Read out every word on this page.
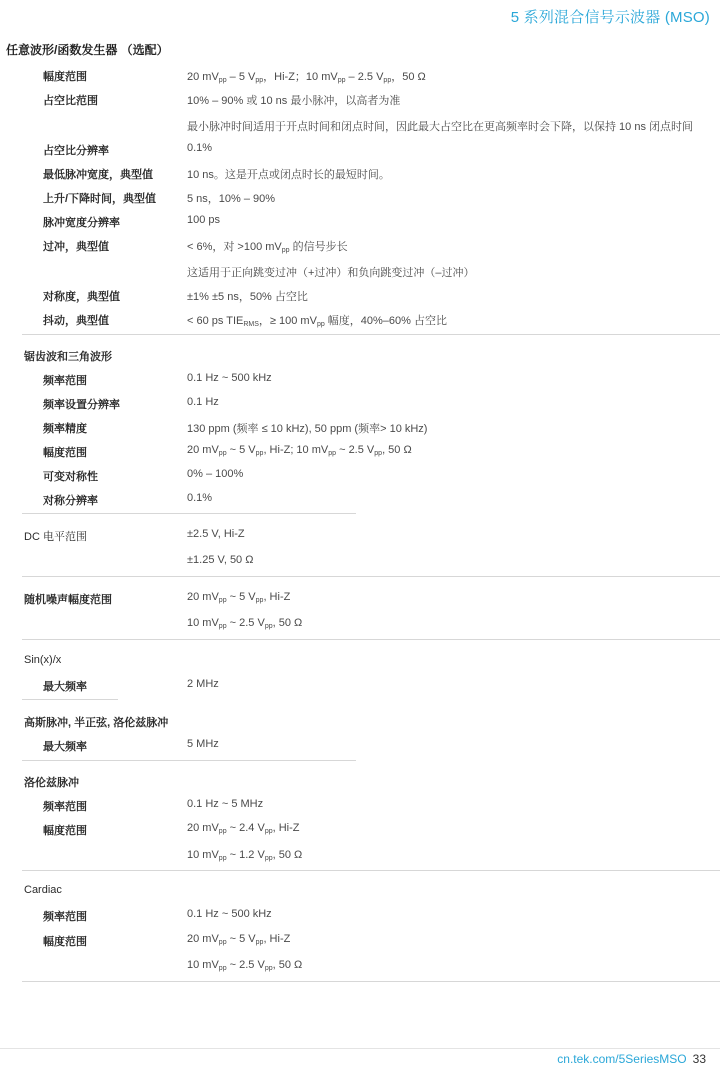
5 系列混合信号示波器 (MSO)
任意波形/函数发生器 （选配）
幅度范围	20 $mV_{pp} - 5$ $V_{pp}$，Hi-Z；10 $mV_{pp} - 2.5$ $V_{pp}$，50 Ω
占空比范围	10% – 90% 或 10 ns 最小脉冲，以高者为准
最小脉冲时间适用于开点时间和闭点时间，因此最大占空比在更高频率时会下降，以保持 10 ns 闭点时间
占空比分辨率	0.1%
最低脉冲宽度，典型值	10 ns。这是开点或闭点时长的最短时间。
上升/下降时间，典型值	5 ns，10% – 90%
脉冲宽度分辨率	100 ps
过冲，典型值	< 6%，对 >100 $mV_{pp}$ 的信号步长
这适用于正向跳变过冲（+过冲）和负向跳变过冲（–过冲）
对称度，典型值	±1% ±5 ns，50% 占空比
抖动，典型值	< 60 ps $TIE_{RMS}$，≥ 100 $mV_{pp}$ 幅度，40%–60% 占空比
锯齿波和三角波形
频率范围	0.1 Hz ~ 500 kHz
频率设置分辨率	0.1 Hz
频率精度	130 ppm (频率 ≤ 10 kHz), 50 ppm (频率> 10 kHz)
幅度范围	20 $mV_{pp}$ ~ 5 $V_{pp}$, Hi-Z; 10 $mV_{pp}$ ~ 2.5 $V_{pp}$, 50 Ω
可变对称性	0% – 100%
对称分辨率	0.1%
DC 电平范围	±2.5 V, Hi-Z
±1.25 V, 50 Ω
随机噪声幅度范围	20 $mV_{pp}$ ~ 5 $V_{pp}$, Hi-Z
10 $mV_{pp}$ ~ 2.5 $V_{pp}$, 50 Ω
Sin(x)/x
最大频率	2 MHz
高斯脉冲, 半正弦, 洛伦兹脉冲
最大频率	5 MHz
洛伦兹脉冲
频率范围	0.1 Hz ~ 5 MHz
幅度范围	20 $mV_{pp}$ ~ 2.4 $V_{pp}$, Hi-Z
10 $mV_{pp}$ ~ 1.2 $V_{pp}$, 50 Ω
Cardiac
频率范围	0.1 Hz ~ 500 kHz
幅度范围	20 $mV_{pp}$ ~ 5 $V_{pp}$, Hi-Z
10 $mV_{pp}$ ~ 2.5 $V_{pp}$, 50 Ω
cn.tek.com/5SeriesMSO 33
